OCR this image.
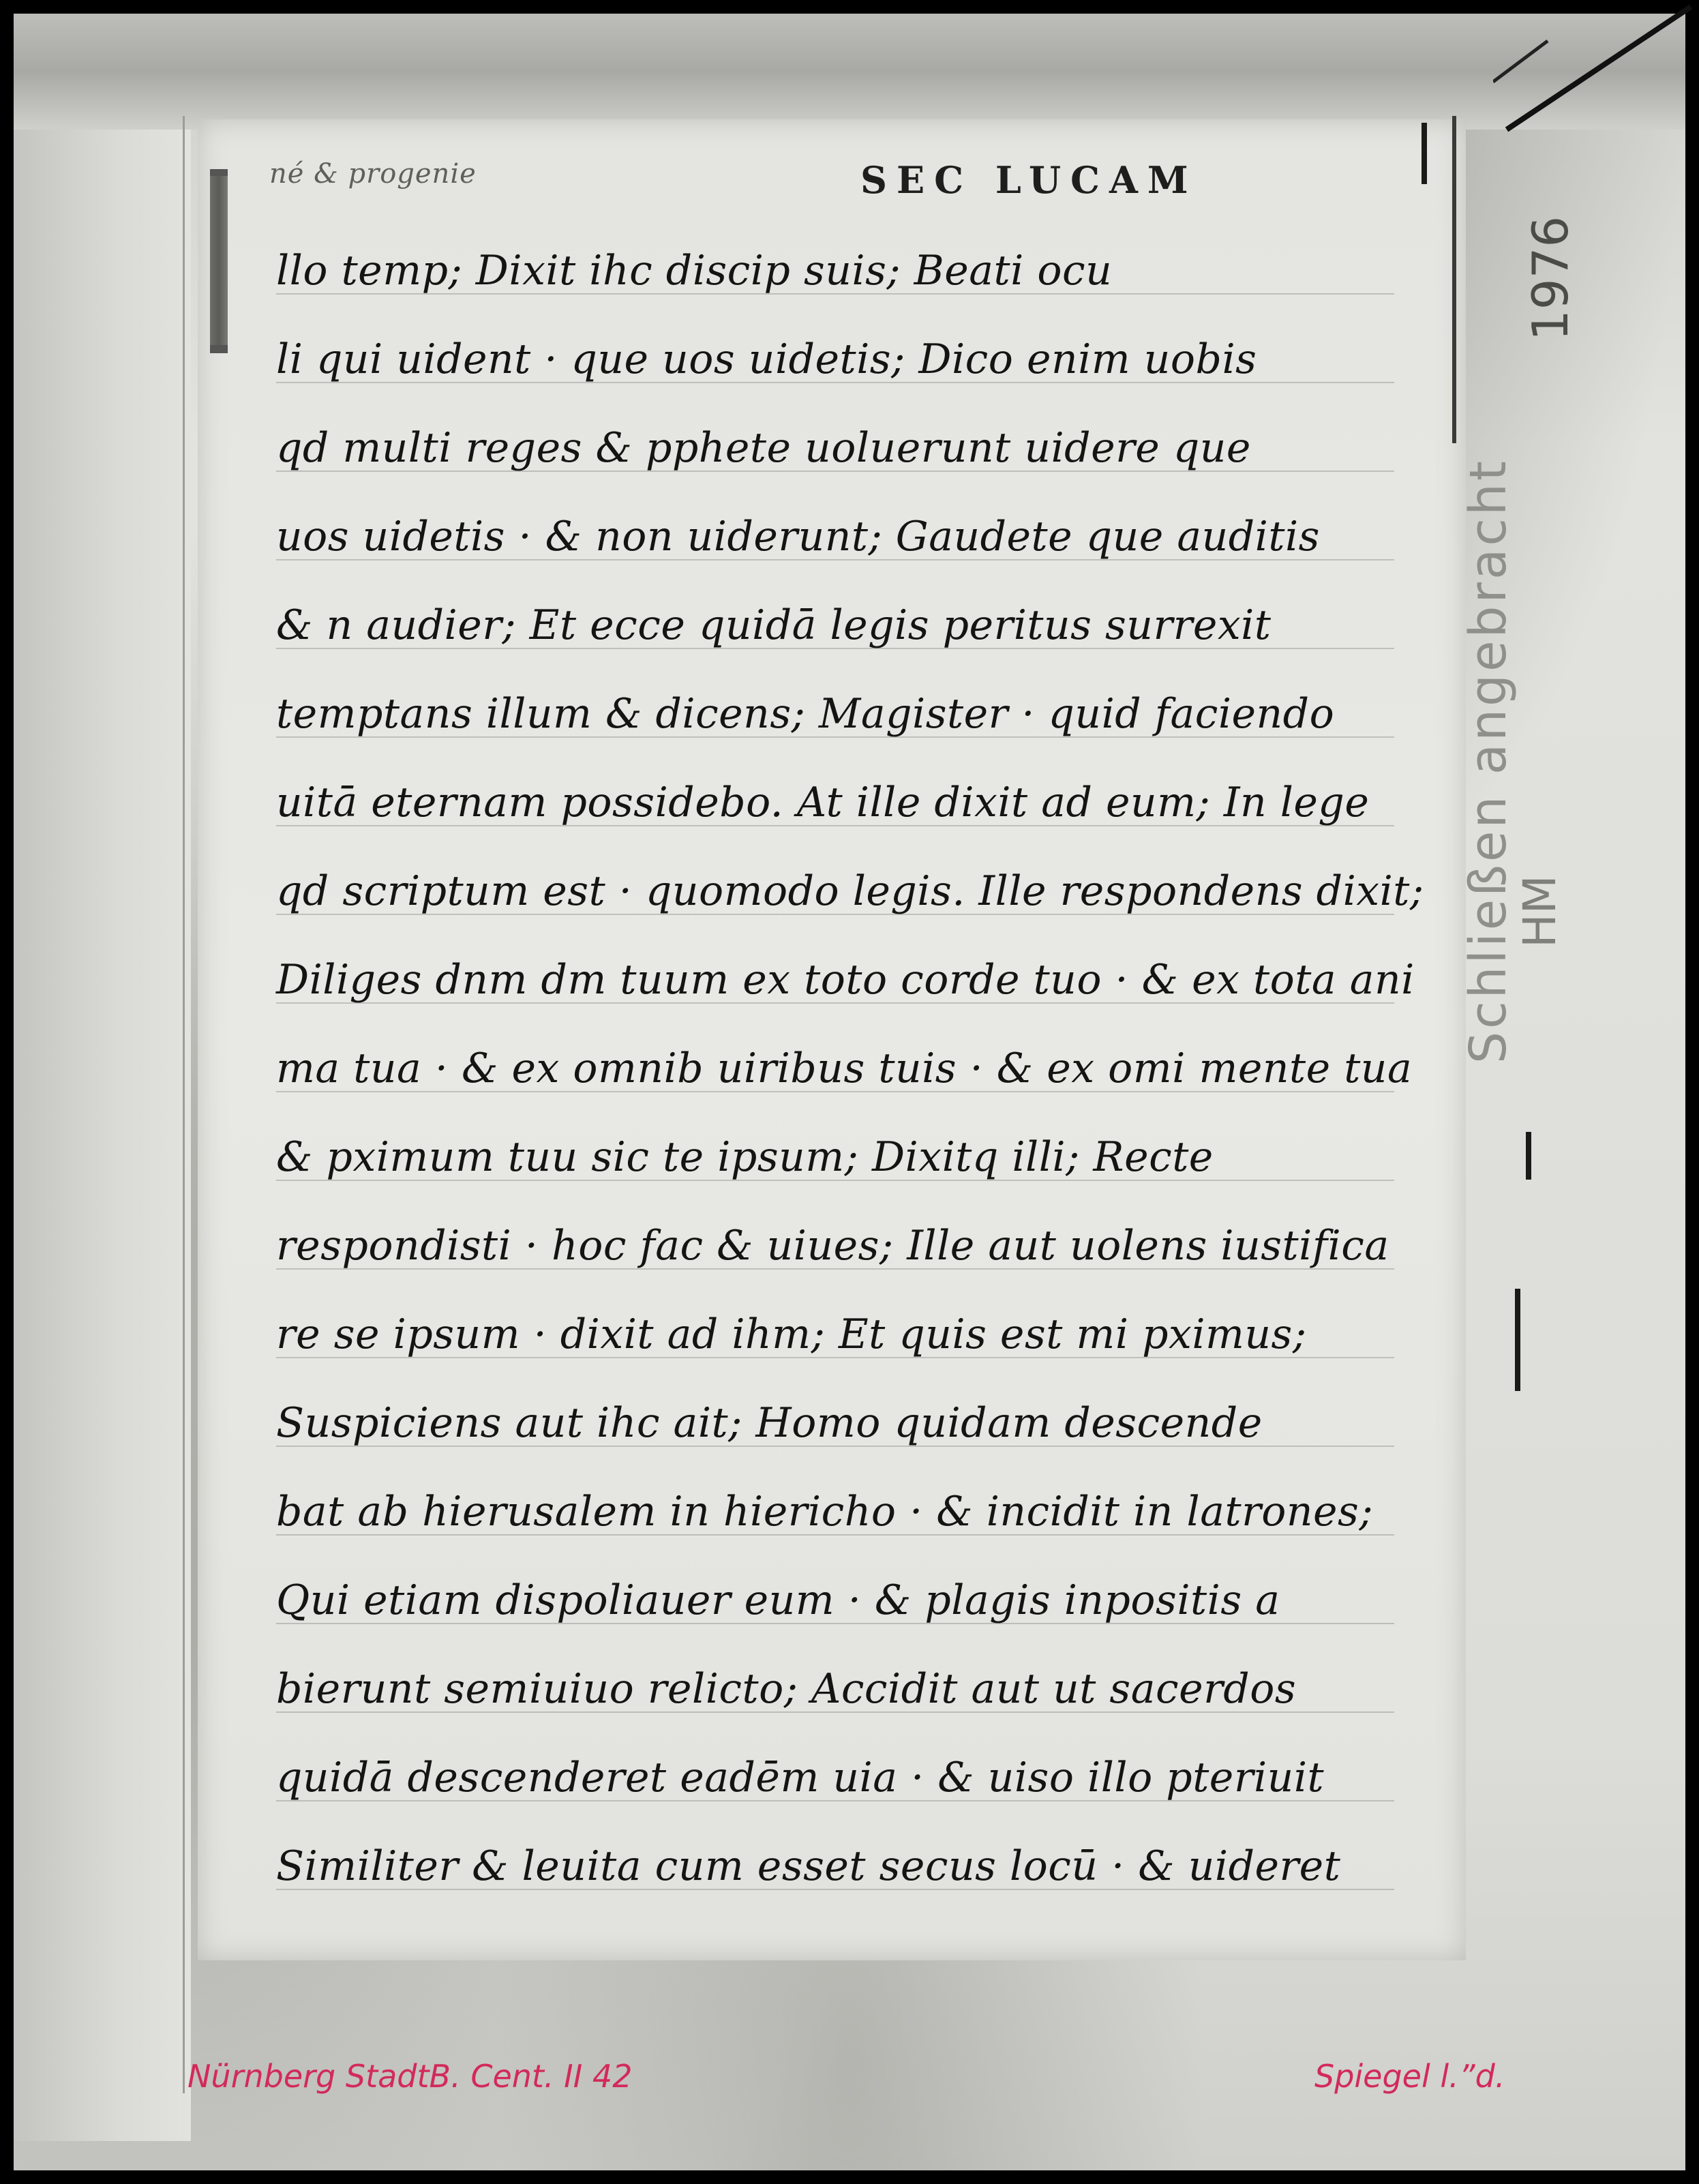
né & progenie	SEC LUCAM
llo temp; Dixit ihc discip suis; Beati ocu
li qui uident · que uos uidetis; Dico enim uobis
qd multi reges & pphete uoluerunt uidere que
uos uidetis · & non uiderunt; Gaudete que auditis
& n audier; Et ecce quidā legis peritus surrexit
temptans illum & dicens; Magister · quid faciendo
uitā eternam possidebo. At ille dixit ad eum; In lege
qd scriptum est · quomodo legis. Ille respondens dixit;
Diliges dnm dm tuum ex toto corde tuo · & ex tota ani
ma tua · & ex omnib uiribus tuis · & ex omi mente tua
& pximum tuu sic te ipsum; Dixitq illi; Recte
respondisti · hoc fac & uiues; Ille aut uolens iustifica
re se ipsum · dixit ad ihm; Et quis est mi pximus;
Suspiciens aut ihc ait; Homo quidam descende
bat ab hierusalem in hiericho · & incidit in latrones;
Qui etiam dispoliauer eum · & plagis inpositis a
bierunt semiuiuo relicto; Accidit aut ut sacerdos
quidā descenderet eadēm uia · & uiso illo pteriuit
Similiter & leuita cum esset secus locū · & uideret
Schließen angebracht
1976
HM
Nürnberg StadtB. Cent. II 42	Spiegel l.”d.
